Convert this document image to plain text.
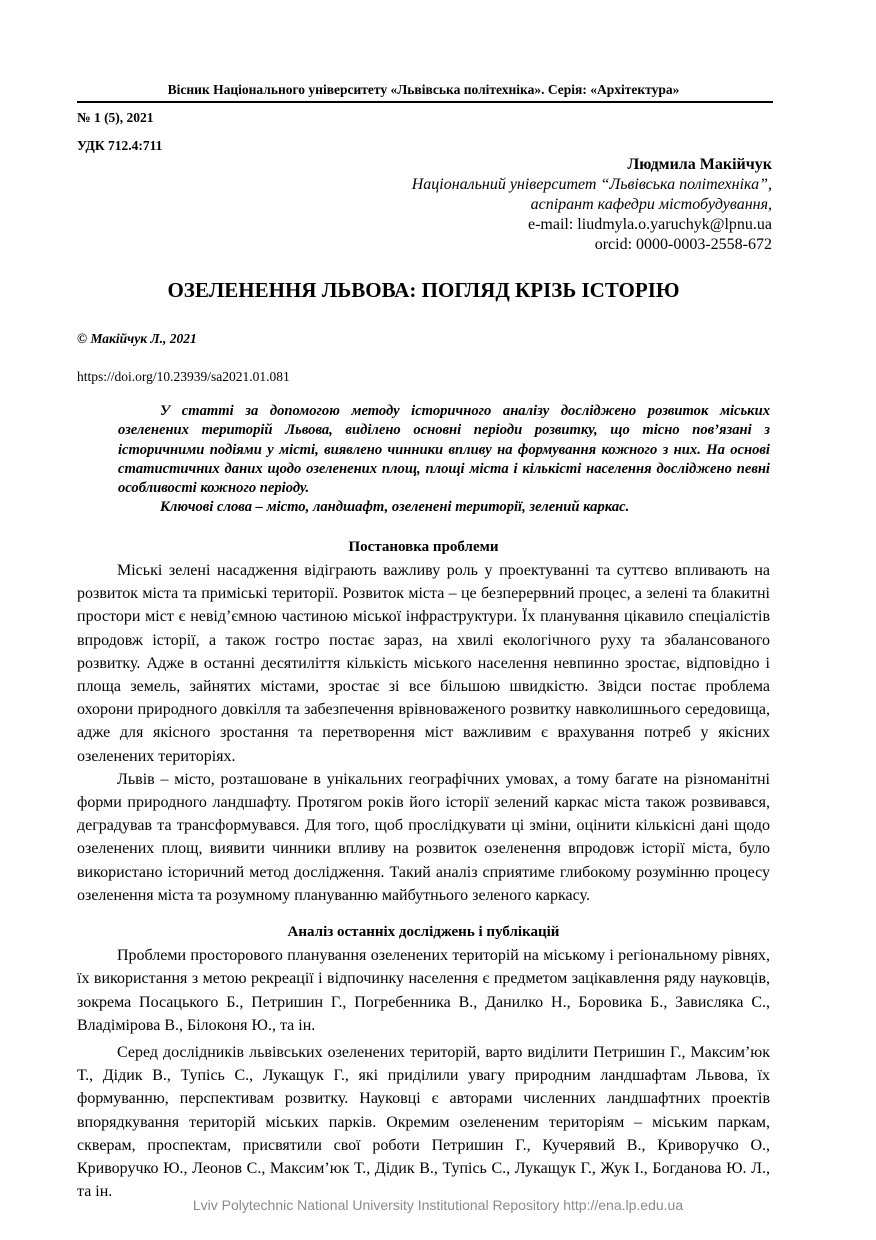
Вісник Національного університету «Львівська політехніка». Серія: «Архітектура»
№ 1 (5), 2021
УДК 712.4:711
Людмила Макійчук
Національний університет “Львівська політехніка”,
аспірант кафедри містобудування,
e-mail: liudmyla.o.yaruchyk@lpnu.ua
orcid: 0000-0003-2558-672
ОЗЕЛЕНЕННЯ ЛЬВОВА: ПОГЛЯД КРІЗЬ ІСТОРІЮ
© Макійчук Л., 2021
https://doi.org/10.23939/sa2021.01.081

У статті за допомогою методу історичного аналізу досліджено розвиток міських озеленених територій Львова, виділено основні періоди розвитку, що тісно пов’язані з історичними подіями у місті, виявлено чинники впливу на формування кожного з них. На основі статистичних даних щодо озеленених площ, площі міста і кількісті населення досліджено певні особливості кожного періоду.

Ключові слова – місто, ландшафт, озеленені території, зелений каркас.

Постановка проблеми

Міські зелені насадження відіграють важливу роль у проектуванні та суттєво впливають на розвиток міста та приміські території. Розвиток міста – це безперервний процес, а зелені та блакитні простори міст є невід’ємною частиною міської інфраструктури. Їх планування цікавило спеціалістів впродовж історії, а також гостро постає зараз, на хвилі екологічного руху та збалансованого розвитку. Адже в останні десятиліття кількість міського населення невпинно зростає, відповідно і площа земель, зайнятих містами, зростає зі все більшою швидкістю. Звідси постає проблема охорони природного довкілля та забезпечення врівноваженого розвитку навколишнього середовища, адже для якісного зростання та перетворення міст важливим є врахування потреб у якісних озеленених територіях.

Львів – місто, розташоване в унікальних географічних умовах, а тому багате на різноманітні форми природного ландшафту. Протягом років його історії зелений каркас міста також розвивався, деградував та трансформувався. Для того, щоб прослідкувати ці зміни, оцінити кількісні дані щодо озеленених площ, виявити чинники впливу на розвиток озеленення впродовж історії міста, було використано історичний метод дослідження. Такий аналіз сприятиме глибокому розумінню процесу озеленення міста та розумному плануванню майбутнього зеленого каркасу.

Аналіз останніх досліджень і публікацій

Проблеми просторового планування озеленених територій на міському і регіональному рівнях, їх використання з метою рекреації і відпочинку населення є предметом зацікавлення ряду науковців, зокрема Посацького Б., Петришин Г., Погребенника В., Данилко Н., Боровика Б., Зависляка С., Владімірова В., Білоконя Ю., та ін.

Серед дослідників львівських озеленених територій, варто виділити Петришин Г., Максим’юк Т., Дідик В., Тупісь С., Лукащук Г., які приділили увагу природним ландшафтам Львова, їх формуванню, перспективам розвитку. Науковці є авторами численних ландшафтних проектів впорядкування територій міських парків. Окремим озелененим територіям – міським паркам, скверам, проспектам, присвятили свої роботи Петришин Г., Кучерявий В., Криворучко О., Криворучко Ю., Леонов С., Максим’юк Т., Дідик В., Тупісь С., Лукащук Г., Жук І., Богданова Ю. Л., та ін.

Lviv Polytechnic National University Institutional Repository http://ena.lp.edu.ua
